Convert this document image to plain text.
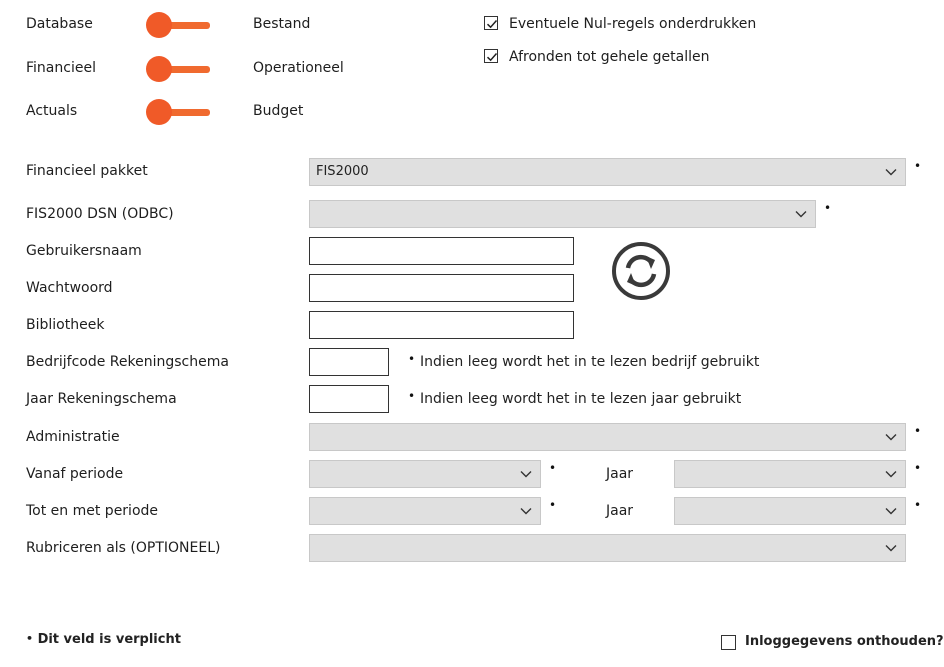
Database	Bestand
Financieel	Operationeel
Actuals	Budget
Eventuele Nul-regels onderdrukken
Afronden tot gehele getallen
Financieel pakket	FIS2000	•
FIS2000 DSN (ODBC)	•
Gebruikersnaam
Wachtwoord
Bibliotheek
Bedrijfcode Rekeningschema	• Indien leeg wordt het in te lezen bedrijf gebruikt
Jaar Rekeningschema	• Indien leeg wordt het in te lezen jaar gebruikt
Administratie	•
Vanaf periode	•	Jaar	•
Tot en met periode	•	Jaar	•
Rubriceren als (OPTIONEEL)
• Dit veld is verplicht	Inloggegevens onthouden?
